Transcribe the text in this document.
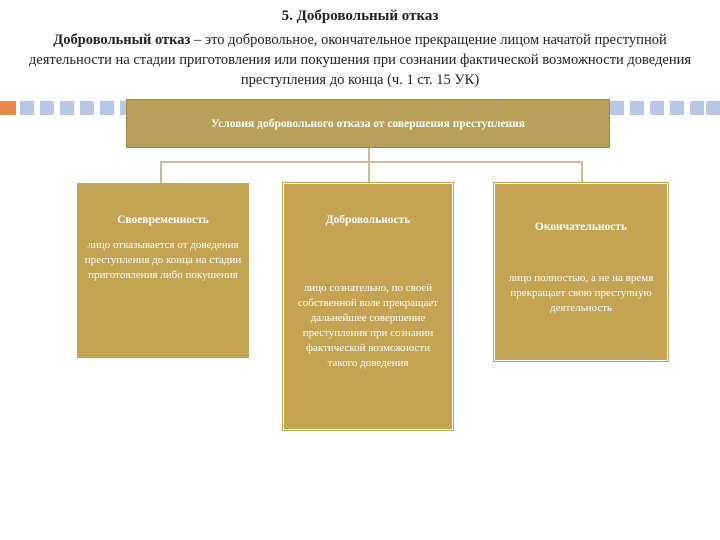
5. Добровольный отказ
Добровольный отказ – это добровольное, окончательное прекращение лицом начатой преступной деятельности на стадии приготовления или покушения при сознании фактической возможности доведения преступления до конца (ч. 1 ст. 15 УК)
Условия добровольного отказа от совершения преступления
Своевременность
лицо отказывается от доведения преступления до конца на стадии приготовления либо покушения
Добровольность
лицо сознательно, по своей собственной воле прекращает дальнейшее совершение преступления при сознании фактической возможности такого доведения
Окончательность
лицо полностью, а не на время прекращает свою преступную деятельность
